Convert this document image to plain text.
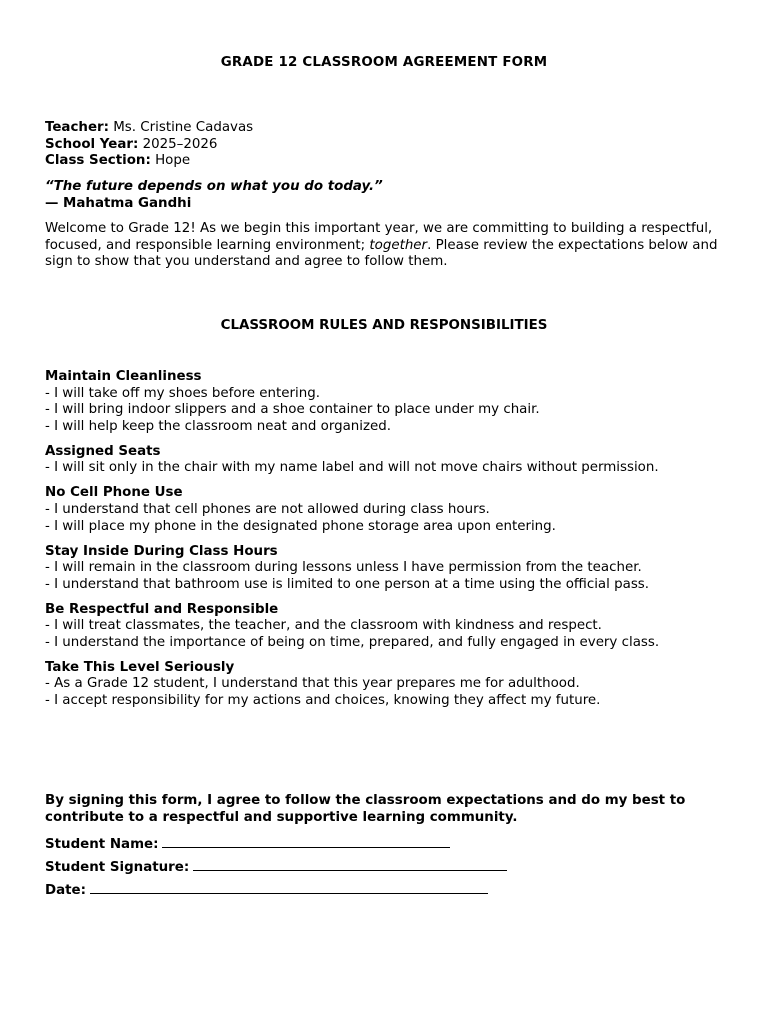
GRADE 12 CLASSROOM AGREEMENT FORM
Teacher: Ms. Cristine Cadavas
School Year: 2025–2026
Class Section: Hope
“The future depends on what you do today.”
— Mahatma Gandhi
Welcome to Grade 12! As we begin this important year, we are committing to building a respectful, focused, and responsible learning environment; together. Please review the expectations below and sign to show that you understand and agree to follow them.
CLASSROOM RULES AND RESPONSIBILITIES
Maintain Cleanliness
- I will take off my shoes before entering.
- I will bring indoor slippers and a shoe container to place under my chair.
- I will help keep the classroom neat and organized.
Assigned Seats
- I will sit only in the chair with my name label and will not move chairs without permission.
No Cell Phone Use
- I understand that cell phones are not allowed during class hours.
- I will place my phone in the designated phone storage area upon entering.
Stay Inside During Class Hours
- I will remain in the classroom during lessons unless I have permission from the teacher.
- I understand that bathroom use is limited to one person at a time using the official pass.
Be Respectful and Responsible
- I will treat classmates, the teacher, and the classroom with kindness and respect.
- I understand the importance of being on time, prepared, and fully engaged in every class.
Take This Level Seriously
- As a Grade 12 student, I understand that this year prepares me for adulthood.
- I accept responsibility for my actions and choices, knowing they affect my future.
By signing this form, I agree to follow the classroom expectations and do my best to contribute to a respectful and supportive learning community.
Student Name:
Student Signature:
Date:
